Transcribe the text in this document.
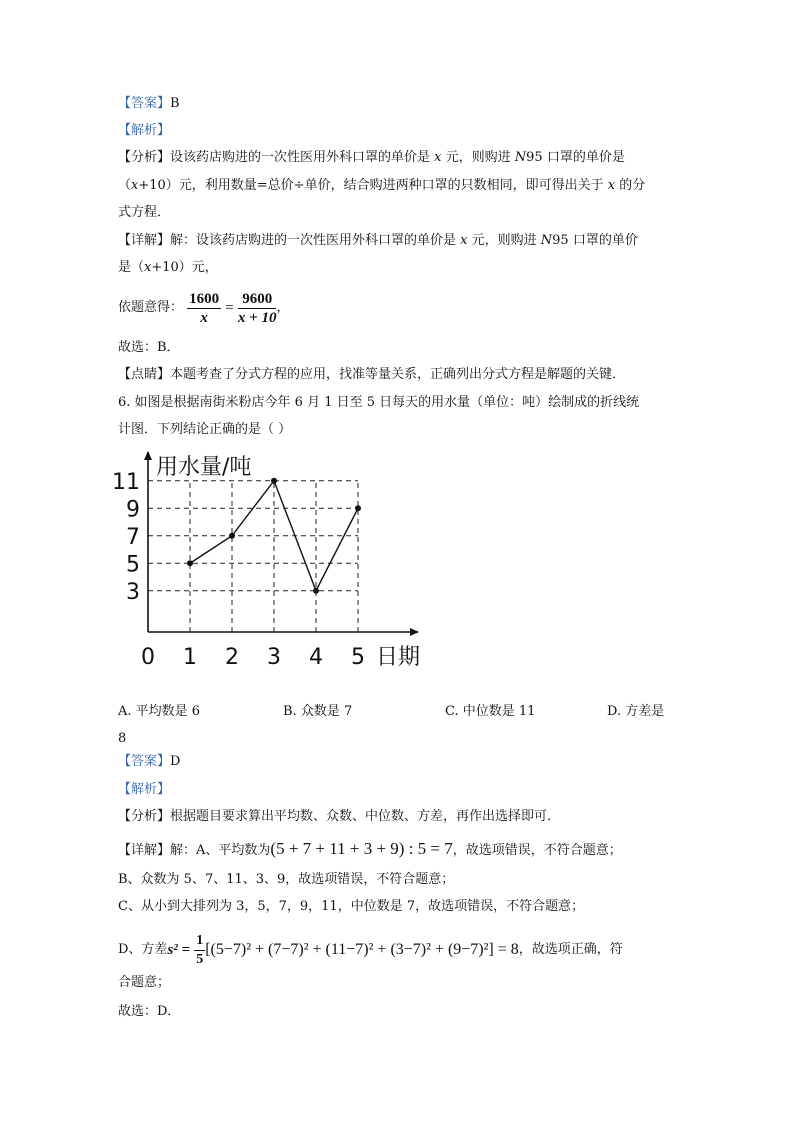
【答案】B
【解析】
【分析】设该药店购进的一次性医用外科口罩的单价是 x 元，则购进 N95 口罩的单价是
（x+10）元，利用数量=总价÷单价，结合购进两种口罩的只数相同，即可得出关于 x 的分
式方程．
【详解】解：设该药店购进的一次性医用外科口罩的单价是 x 元，则购进 N95 口罩的单价
是（x+10）元，
依题意得： $\frac{1600}{x} = \frac{9600}{x + 10}$ ，
故选：B．
【点睛】本题考查了分式方程的应用，找准等量关系，正确列出分式方程是解题的关键．
6. 如图是根据南街米粉店今年 6 月 1 日至 5 日每天的用水量（单位：吨）绘制成的折线统
计图．下列结论正确的是（ ）
用水量/吨
日期
3
5
7
9
11
0 1 2 3 4 5
A. 平均数是 6	B. 众数是 7	C. 中位数是 11	D. 方差是
8
【答案】D
【解析】
【分析】根据题目要求算出平均数、众数、中位数、方差，再作出选择即可．
【详解】解：A、平均数为(5 + 7 + 11 + 3 + 9) : 5 = 7，故选项错误，不符合题意；
B、众数为 5、7、11、3、9，故选项错误，不符合题意；
C、从小到大排列为 3，5，7，9，11，中位数是 7，故选项错误，不符合题意；
D、方差$s^2 = \frac{1}{5} [(5-7)^2 + (7-7)^2 + (11-7)^2 + (3-7)^2 + (9-7)^2] = 8$，故选项正确，符
合题意；
故选：D．
